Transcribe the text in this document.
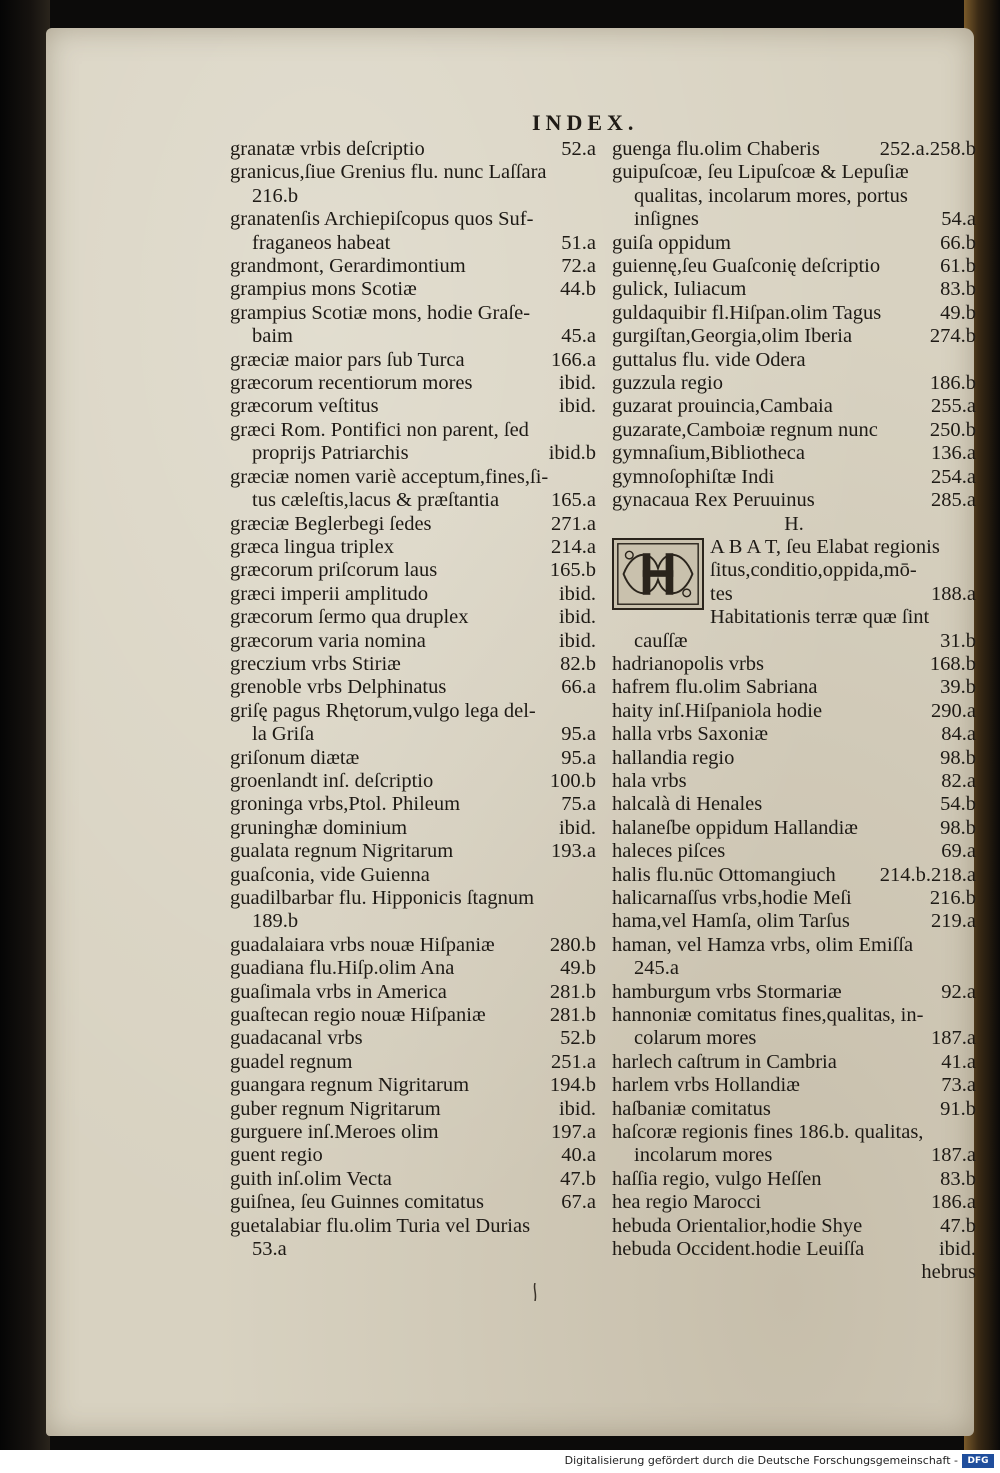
INDEX.
granatæ vrbis deſcriptio	52.a
granicus,ſiue Grenius flu. nunc Laſſara
216.b
granatenſis Archiepiſcopus quos Suf-
fraganeos habeat	51.a
grandmont, Gerardimontium	72.a
grampius mons Scotiæ	44.b
grampius Scotiæ mons, hodie Graſe-
baim	45.a
græciæ maior pars ſub Turca	166.a
græcorum recentiorum mores	ibid.
græcorum veſtitus	ibid.
græci Rom. Pontifici non parent, ſed
proprijs Patriarchis	ibid.b
græciæ nomen variè acceptum,fines,ſi-
tus cæleſtis,lacus & præſtantia	165.a
græciæ Beglerbegi ſedes	271.a
græca lingua triplex	214.a
græcorum priſcorum laus	165.b
græci imperii amplitudo	ibid.
græcorum ſermo qua druplex	ibid.
græcorum varia nomina	ibid.
greczium vrbs Stiriæ	82.b
grenoble vrbs Delphinatus	66.a
griſę pagus Rhętorum,vulgo lega del-
la Griſa	95.a
griſonum diætæ	95.a
groenlandt inſ. deſcriptio	100.b
groninga vrbs,Ptol. Phileum	75.a
gruninghæ dominium	ibid.
gualata regnum Nigritarum	193.a
guaſconia, vide Guienna
guadilbarbar flu. Hipponicis ſtagnum
189.b
guadalaiara vrbs nouæ Hiſpaniæ	280.b
guadiana flu.Hiſp.olim Ana	49.b
guaſimala vrbs in America	281.b
guaſtecan regio nouæ Hiſpaniæ	281.b
guadacanal vrbs	52.b
guadel regnum	251.a
guangara regnum Nigritarum	194.b
guber regnum Nigritarum	ibid.
gurguere inſ.Meroes olim	197.a
guent regio	40.a
guith inſ.olim Vecta	47.b
guiſnea, ſeu Guinnes comitatus	67.a
guetalabiar flu.olim Turia vel Durias
53.a
guenga flu.olim Chaberis	252.a.258.b
guipuſcoæ, ſeu Lipuſcoæ & Lepuſiæ
qualitas, incolarum mores, portus
inſignes	54.a
guiſa oppidum	66.b
guiennę,ſeu Guaſconię deſcriptio	61.b
gulick, Iuliacum	83.b
guldaquibir fl.Hiſpan.olim Tagus	49.b
gurgiſtan,Georgia,olim Iberia	274.b
guttalus flu. vide Odera
guzzula regio	186.b
guzarat prouincia,Cambaia	255.a
guzarate,Camboiæ regnum nunc	250.b
gymnaſium,Bibliotheca	136.a
gymnoſophiſtæ Indi	254.a
gynacaua Rex Peruuinus	285.a
H.
A B A T, ſeu Elabat regionis
ſitus,conditio,oppida,mō-
tes	188.a
Habitationis terræ quæ ſint
cauſſæ	31.b
hadrianopolis vrbs	168.b
hafrem flu.olim Sabriana	39.b
haity inſ.Hiſpaniola hodie	290.a
halla vrbs Saxoniæ	84.a
hallandia regio	98.b
hala vrbs	82.a
halcalà di Henales	54.b
halaneſbe oppidum Hallandiæ	98.b
haleces piſces	69.a
halis flu.nūc Ottomangiuch	214.b.218.a
halicarnaſſus vrbs,hodie Meſi	216.b
hama,vel Hamſa, olim Tarſus	219.a
haman, vel Hamza vrbs, olim Emiſſa
245.a
hamburgum vrbs Stormariæ	92.a
hannoniæ comitatus fines,qualitas, in-
colarum mores	187.a
harlech caſtrum in Cambria	41.a
harlem vrbs Hollandiæ	73.a
haſbaniæ comitatus	91.b
haſcoræ regionis fines 186.b. qualitas,
incolarum mores	187.a
haſſia regio, vulgo Heſſen	83.b
hea regio Marocci	186.a
hebuda Orientalior,hodie Shye	47.b
hebuda Occident.hodie Leuiſſa	ibid.
hebrus
Digitalisierung gefördert durch die Deutsche Forschungsgemeinschaft -	DFG
